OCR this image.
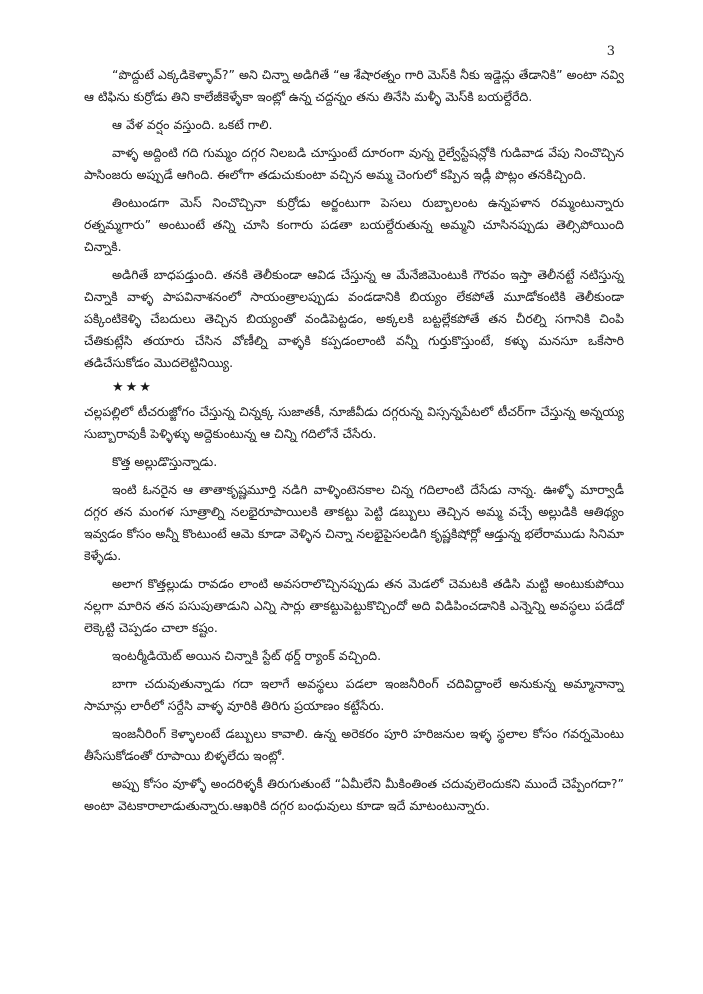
3

“పొద్దుటే ఎక్కడికెళ్ళావ్?” అని చిన్నా అడిగితే “ఆ శేషారత్నం గారి మెస్‌కి నీకు ఇడ్డెన్లు తేడానికి” అంటా నవ్వి ఆ టిఫిను కుర్రోడు తిని కాలేజీకెళ్ళేకా ఇంట్లో ఉన్న చద్దన్నం తను తినేసి మళ్ళీ మెస్‌కి బయల్దేరేది.

ఆ వేళ వర్షం వస్తుంది. ఒకటే గాలి.

వాళ్ళ అద్దింటి గది గుమ్మం దగ్గర నిలబడి చూస్తుంటే దూరంగా వున్న రైల్వేస్టేషన్లోకి గుడివాడ వేపు నించొచ్చిన పాసింజరు అప్పుడే ఆగింది. ఈలోగా తడుచుకుంటా వచ్చిన అమ్మ చెంగులో కప్పిన ఇడ్లీ పొట్లం తనకిచ్చింది.

తింటుండగా మెస్ నించొచ్చినా కుర్రోడు అర్జంటుగా పెసలు రుబ్బాలంట ఉన్నపళాన రమ్మంటున్నారు రత్నమ్మగారు” అంటుంటే తన్ని చూసి కంగారు పడతా బయల్దేరుతున్న అమ్మని చూసినప్పుడు తెల్సిపోయింది చిన్నాకి.

అడిగితే బాధపడ్తుంది. తనకి తెలీకుండా ఆవిడ చేస్తున్న ఆ మేనేజిమెంటుకి గౌరవం ఇస్తా తెలీనట్టే నటిస్తున్న చిన్నాకి వాళ్ళ పాపవినాశనంలో సాయంత్రాలప్పుడు వండడానికి బియ్యం లేకపోతే మూడోకంటికి తెలీకుండా పక్కింటికెళ్ళి చేబదులు తెచ్చిన బియ్యంతో వండిపెట్టడం, అక్కలకి బట్టల్లేకపోతే తన చీరల్ని సగానికి చింపి చేతికుట్లేసి తయారు చేసిన వోణీల్ని వాళ్ళకి కప్పడంలాంటి వన్నీ గుర్తుకొస్తుంటే, కళ్ళు మనసూ ఒకేసారి తడిచేసుకోడం మొదలెట్టినియ్యి.

★★★

చల్లపల్లిలో టీచరుజ్జోగం చేస్తున్న చిన్నక్క సుజాతకీ, నూజీవీడు దగ్గరున్న విస్సన్నపేటలో టీచర్‌గా చేస్తున్న అన్నయ్య సుబ్బారావుకీ పెళ్ళిళ్ళు అద్దెకుంటున్న ఆ చిన్ని గదిలోనే చేసేరు.

కొత్త అల్లుడొస్తున్నాడు.

ఇంటి ఓనరైన ఆ తాతాకృష్ణమూర్తి నడిగి వాళ్ళింటెనకాల చిన్న గదిలాంటి దేసేడు నాన్న. ఊళ్ళో మార్వాడీ దగ్గర తన మంగళ సూత్రాల్ని నలభైరూపాయిలకి తాకట్టు పెట్టి డబ్బులు తెచ్చిన అమ్మ వచ్చే అల్లుడికి ఆతిథ్యం ఇవ్వడం కోసం అన్నీ కొంటుంటే ఆమె కూడా వెళ్ళిన చిన్నా నలభైపైసలడిగి కృష్ణకిషోర్లో ఆడ్తున్న భలేరాముడు సినిమా కెళ్ళేడు.

అలాగ కొత్తల్లుడు రావడం లాంటి అవసరాలొచ్చినప్పుడు తన మెడలో చెమటకి తడిసి మట్టి అంటుకుపోయి నల్లగా మారిన తన పసుపుతాడుని ఎన్ని సార్లు తాకట్టుపెట్టుకొచ్చిందో అది విడిపించడానికి ఎన్నెన్ని అవస్థలు పడేదో లెక్కెట్టి చెప్పడం చాలా కష్టం.

ఇంటర్మీడియెట్ అయిన చిన్నాకి స్టేట్ థర్డ్ ర్యాంక్ వచ్చింది.

బాగా చదువుతున్నాడు గదా ఇలాగే అవస్థలు పడలా ఇంజనీరింగ్ చదివిద్దాంలే అనుకున్న అమ్మానాన్నా సామాన్లు లారీలో సర్దేసి వాళ్ళ వూరికి తిరిగు ప్రయాణం కట్టేసేరు.

ఇంజనీరింగ్ కెళ్ళాలంటే డబ్బులు కావాలి. ఉన్న అరెకరం పూరి హరిజనుల ఇళ్ళ స్థలాల కోసం గవర్నమెంటు తీసేసుకోడంతో రూపాయి బిళ్ళలేదు ఇంట్లో.

అప్పు కోసం వూళ్ళో అందరిళ్ళకీ తిరుగుతుంటే “ఏమీలేని మీకింతింత చదువులెందుకని ముందే చెప్పేంగదా?” అంటా వెటకారాలాడుతున్నారు.ఆఖరికి దగ్గర బంధువులు కూడా ఇదే మాటంటున్నారు.
